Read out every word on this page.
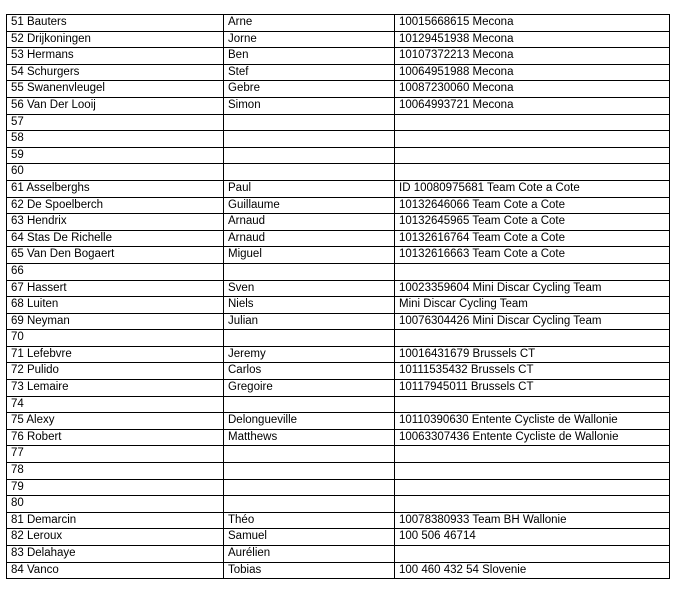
51 Bauters	Arne	10015668615 Mecona
52 Drijkoningen	Jorne	10129451938 Mecona
53 Hermans	Ben	10107372213 Mecona
54 Schurgers	Stef	10064951988 Mecona
55 Swanenvleugel	Gebre	10087230060 Mecona
56 Van Der Looij	Simon	10064993721 Mecona
57		
58		
59		
60		
61 Asselberghs	Paul	ID 10080975681 Team Cote a Cote
62 De Spoelberch	Guillaume	10132646066 Team Cote a Cote
63 Hendrix	Arnaud	10132645965 Team Cote a Cote
64 Stas De Richelle	Arnaud	10132616764 Team Cote a Cote
65 Van Den Bogaert	Miguel	10132616663 Team Cote a Cote
66		
67 Hassert	Sven	10023359604 Mini Discar Cycling Team
68 Luiten	Niels	Mini Discar Cycling Team
69 Neyman	Julian	10076304426 Mini Discar Cycling Team
70		
71 Lefebvre	Jeremy	10016431679 Brussels CT
72 Pulido	Carlos	10111535432 Brussels CT
73 Lemaire	Gregoire	10117945011 Brussels CT
74		
75 Alexy	Delongueville	10110390630 Entente Cycliste de Wallonie
76 Robert	Matthews	10063307436 Entente Cycliste de Wallonie
77		
78		
79		
80		
81 Demarcin	Théo	10078380933 Team BH Wallonie
82 Leroux	Samuel	100 506 46714
83 Delahaye	Aurélien	
84 Vanco	Tobias	100 460 432 54 Slovenie
